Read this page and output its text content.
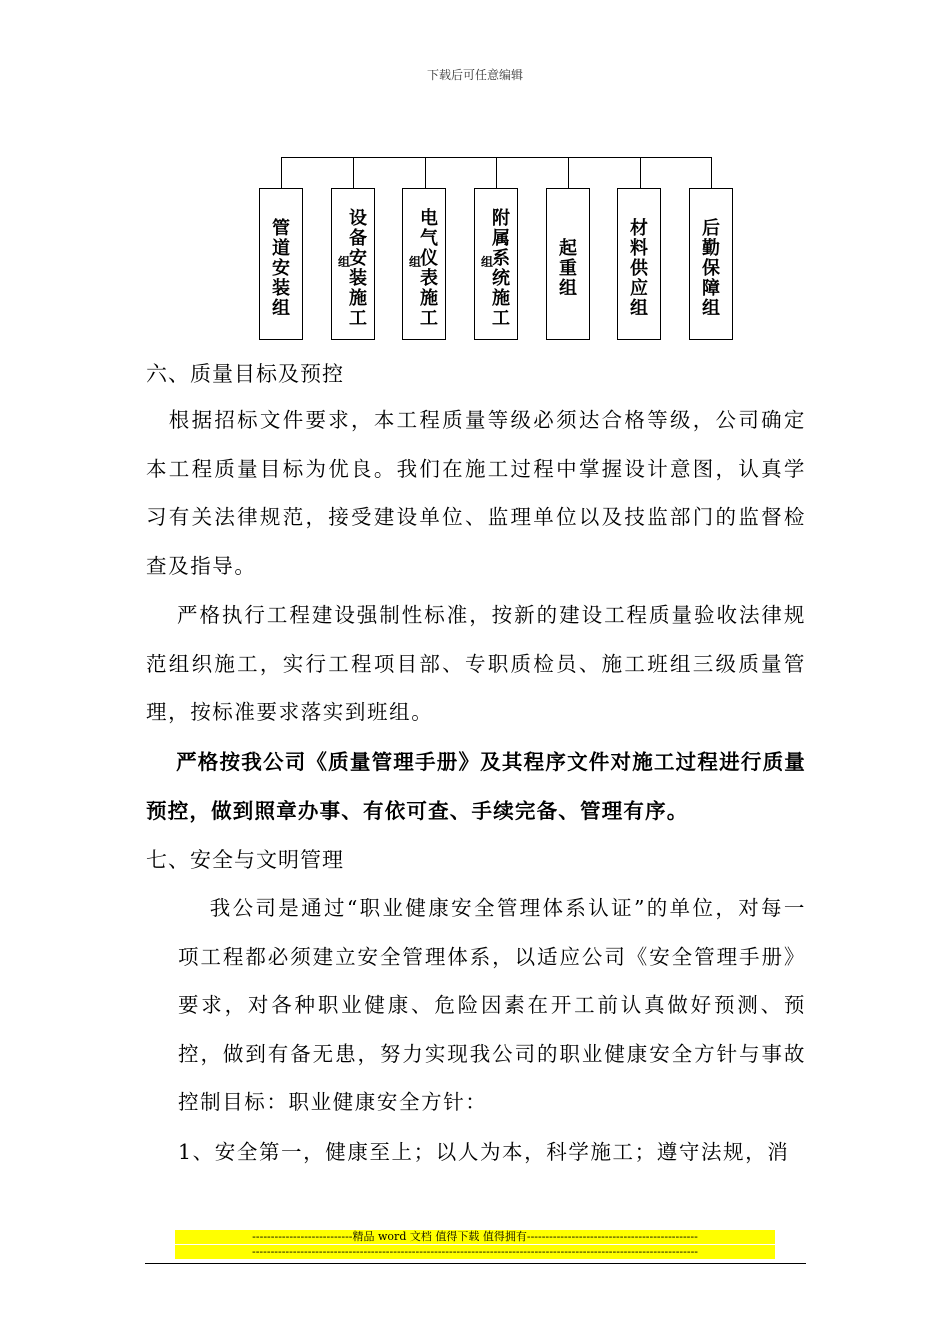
下载后可任意编辑
管道安装组
设备安装施工
组
电气仪表施工
组
附属系统施工
组
起重组
材料供应组
后勤保障组
六、质量目标及预控

　根据招标文件要求，本工程质量等级必须达合格等级，公司确定本工程质量目标为优良。我们在施工过程中掌握设计意图，认真学习有关法律规范，接受建设单位、监理单位以及技监部门的监督检查及指导。

　 严格执行工程建设强制性标准，按新的建设工程质量验收法律规范组织施工，实行工程项目部、专职质检员、施工班组三级质量管理，按标准要求落实到班组。

　 严格按我公司《质量管理手册》及其程序文件对施工过程进行质量预控，做到照章办事、有依可查、手续完备、管理有序。

七、安全与文明管理

　 我公司是通过“职业健康安全管理体系认证”的单位，对每一项工程都必须建立安全管理体系，以适应公司《安全管理手册》要求，对各种职业健康、危险因素在开工前认真做好预测、预控，做到有备无患，努力实现我公司的职业健康安全方针与事故控制目标：职业健康安全方针：

1、安全第一，健康至上；以人为本，科学施工；遵守法规，消

---------------------------精品 word 文档 值得下载 值得拥有----------------------------------------------
------------------------------------------------------------------------------------------------------------------------
